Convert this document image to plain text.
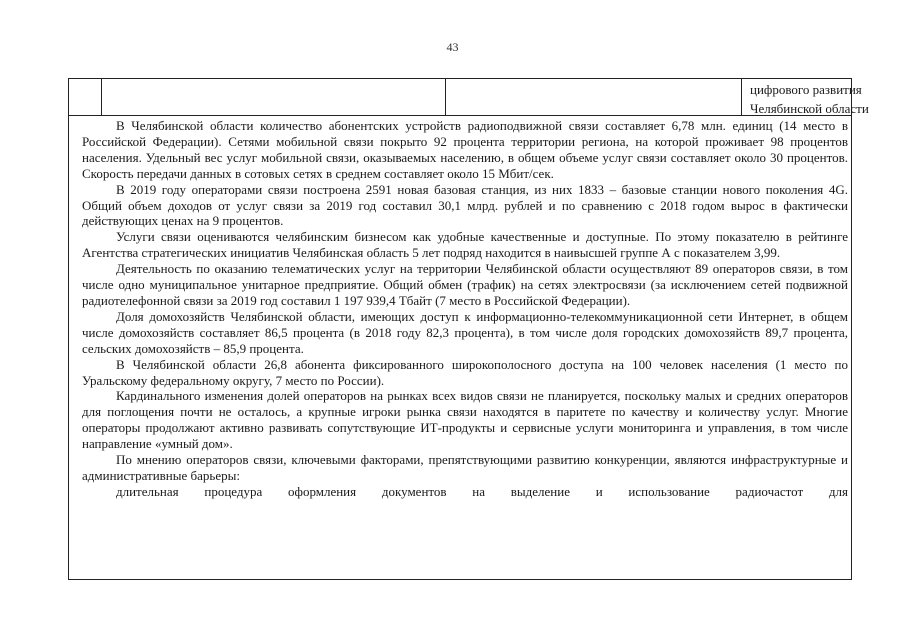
43
цифрового развития
Челябинской области

В Челябинской области количество абонентских устройств радиоподвижной связи составляет 6,78 млн. единиц (14 место в Российской Федерации). Сетями мобильной связи покрыто 92 процента территории региона, на которой проживает 98 процентов населения. Удельный вес услуг мобильной связи, оказываемых населению, в общем объеме услуг связи составляет около 30 процентов. Скорость передачи данных в сотовых сетях в среднем составляет около 15 Мбит/сек.

В 2019 году операторами связи построена 2591 новая базовая станция, из них 1833 – базовые станции нового поколения 4G. Общий объем доходов от услуг связи за 2019 год составил 30,1 млрд. рублей и по сравнению с 2018 годом вырос в фактически действующих ценах на 9 процентов.

Услуги связи оцениваются челябинским бизнесом как удобные качественные и доступные. По этому показателю в рейтинге Агентства стратегических инициатив Челябинская область 5 лет подряд находится в наивысшей группе А с показателем 3,99.

Деятельность по оказанию телематических услуг на территории Челябинской области осуществляют 89 операторов связи, в том числе одно муниципальное унитарное предприятие. Общий обмен (трафик) на сетях электросвязи (за исключением сетей подвижной радиотелефонной связи за 2019 год составил 1 197 939,4 Тбайт (7 место в Российской Федерации).

Доля домохозяйств Челябинской области, имеющих доступ к информационно-телекоммуникационной сети Интернет, в общем числе домохозяйств составляет 86,5 процента (в 2018 году 82,3 процента), в том числе доля городских домохозяйств 89,7 процента, сельских домохозяйств – 85,9 процента.

В Челябинской области 26,8 абонента фиксированного широкополосного доступа на 100 человек населения (1 место по Уральскому федеральному округу, 7 место по России).

Кардинального изменения долей операторов на рынках всех видов связи не планируется, поскольку малых и средних операторов для поглощения почти не осталось, а крупные игроки рынка связи находятся в паритете по качеству и количеству услуг. Многие операторы продолжают активно развивать сопутствующие ИТ-продукты и сервисные услуги мониторинга и управления, в том числе направление «умный дом».

По мнению операторов связи, ключевыми факторами, препятствующими развитию конкуренции, являются инфраструктурные и административные барьеры:

длительная процедура оформления документов на выделение и использование радиочастот для
